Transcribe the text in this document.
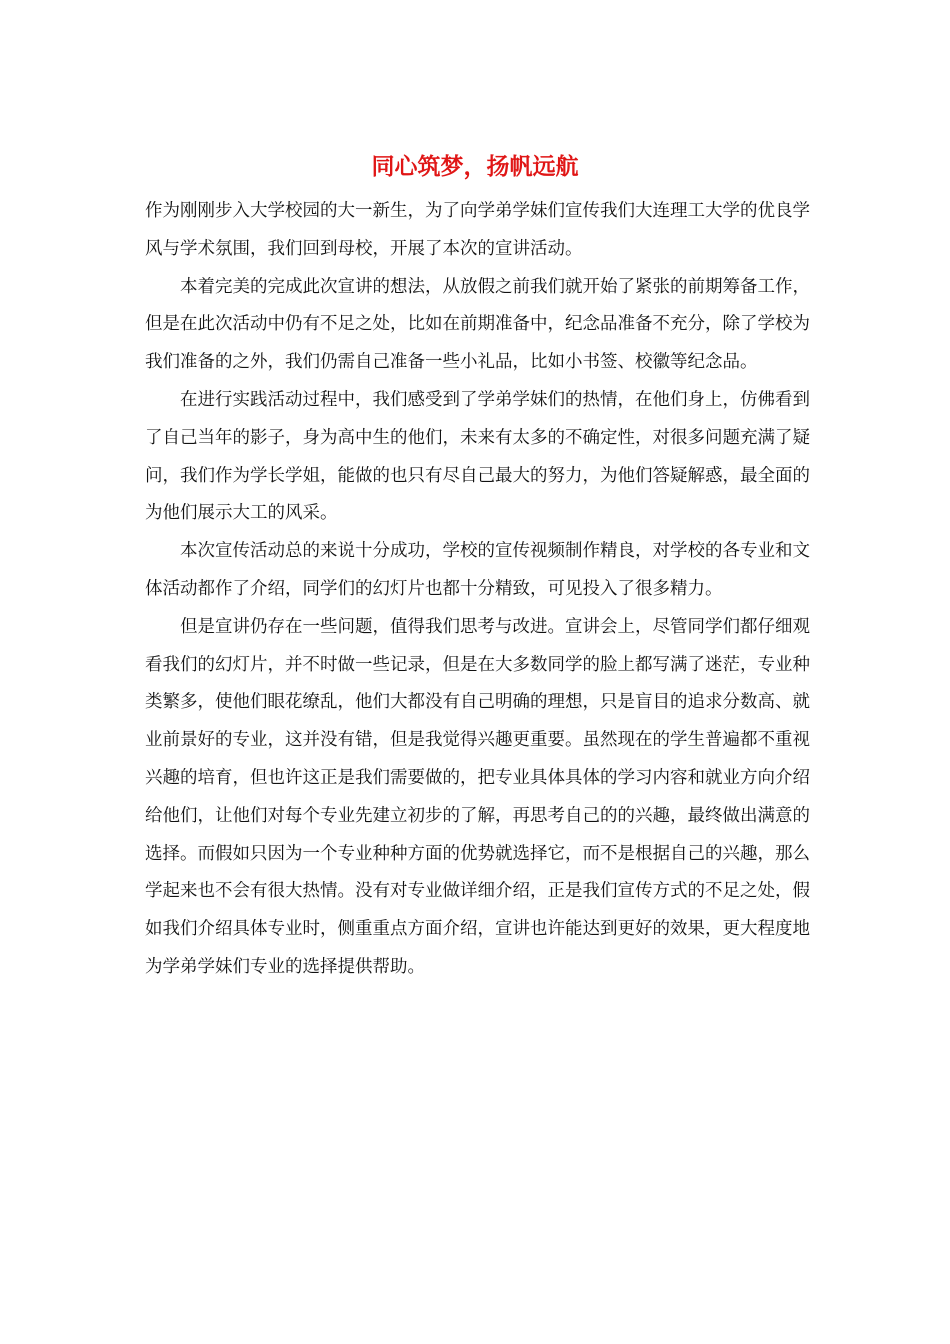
同心筑梦，扬帆远航

作为刚刚步入大学校园的大一新生，为了向学弟学妹们宣传我们大连理工大学的优良学风与学术氛围，我们回到母校，开展了本次的宣讲活动。

本着完美的完成此次宣讲的想法，从放假之前我们就开始了紧张的前期筹备工作，但是在此次活动中仍有不足之处，比如在前期准备中，纪念品准备不充分，除了学校为我们准备的之外，我们仍需自己准备一些小礼品，比如小书签、校徽等纪念品。

在进行实践活动过程中，我们感受到了学弟学妹们的热情，在他们身上，仿佛看到了自己当年的影子，身为高中生的他们，未来有太多的不确定性，对很多问题充满了疑问，我们作为学长学姐，能做的也只有尽自己最大的努力，为他们答疑解惑，最全面的为他们展示大工的风采。

本次宣传活动总的来说十分成功，学校的宣传视频制作精良，对学校的各专业和文体活动都作了介绍，同学们的幻灯片也都十分精致，可见投入了很多精力。

但是宣讲仍存在一些问题，值得我们思考与改进。宣讲会上，尽管同学们都仔细观看我们的幻灯片，并不时做一些记录，但是在大多数同学的脸上都写满了迷茫，专业种类繁多，使他们眼花缭乱，他们大都没有自己明确的理想，只是盲目的追求分数高、就业前景好的专业，这并没有错，但是我觉得兴趣更重要。虽然现在的学生普遍都不重视兴趣的培育，但也许这正是我们需要做的，把专业具体具体的学习内容和就业方向介绍给他们，让他们对每个专业先建立初步的了解，再思考自己的的兴趣，最终做出满意的选择。而假如只因为一个专业种种方面的优势就选择它，而不是根据自己的兴趣，那么学起来也不会有很大热情。没有对专业做详细介绍，正是我们宣传方式的不足之处，假如我们介绍具体专业时，侧重重点方面介绍，宣讲也许能达到更好的效果，更大程度地为学弟学妹们专业的选择提供帮助。
